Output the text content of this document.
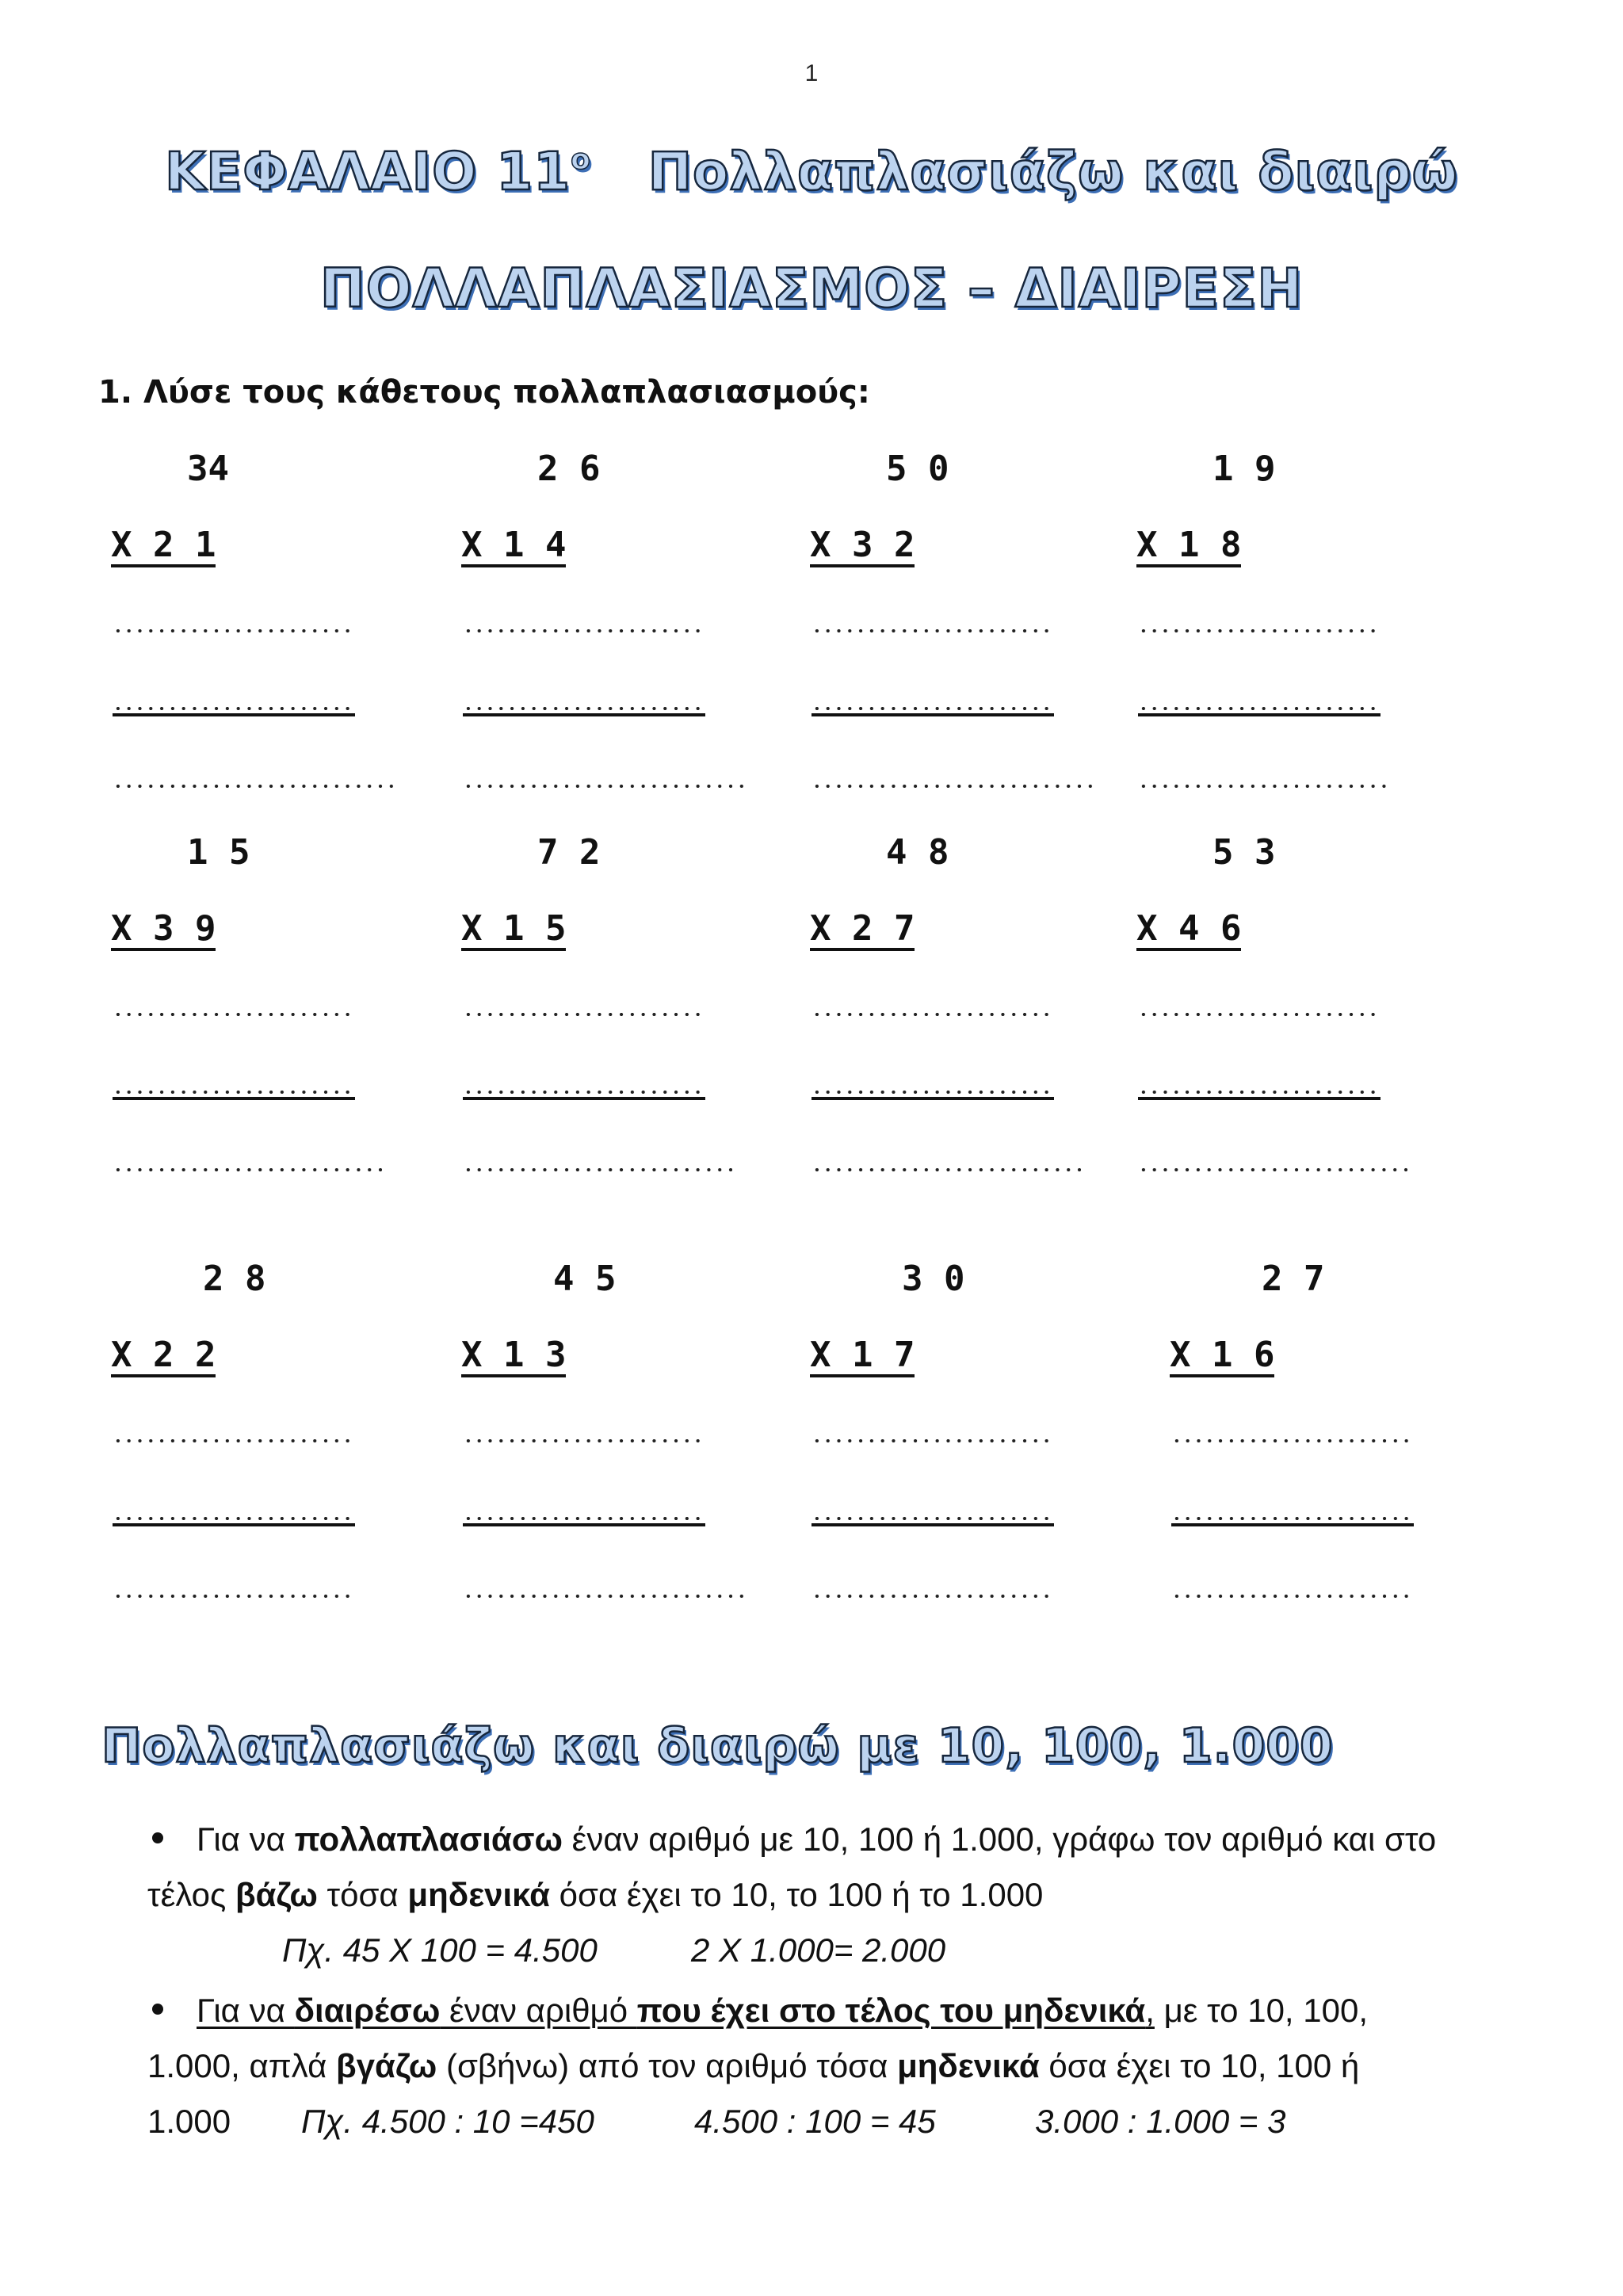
1
ΚΕΦΑΛΑΙΟ $11^o$ Πολλαπλασιάζω και διαιρώ
ΠΟΛΛΑΠΛΑΣΙΑΣΜΟΣ – ΔΙΑΙΡΕΣΗ
1. Λύσε τους κάθετους πολλαπλασιασμούς:
34
X 2 1
2 6
X 1 4
5 0
X 3 2
1 9
X 1 8
1 5
X 3 9
7 2
X 1 5
4 8
X 2 7
5 3
X 4 6
2 8
X 2 2
4 5
X 1 3
3 0
X 1 7
2 7
X 1 6
Πολλαπλασιάζω και διαιρώ με 10, 100, 1.000
Για να πολλαπλασιάσω έναν αριθμό με 10, 100 ή 1.000, γράφω τον αριθμό και στο
τέλος βάζω τόσα μηδενικά όσα έχει το 10, το 100 ή το 1.000
Πχ. 45 X 100 = 4.500	2 X 1.000= 2.000
Για να διαιρέσω έναν αριθμό που έχει στο τέλος του μηδενικά, με το 10, 100,
1.000, απλά βγάζω (σβήνω) από τον αριθμό τόσα μηδενικά όσα έχει το 10, 100 ή
1.000 Πχ. 4.500 : 10 =450	4.500 : 100 = 45	3.000 : 1.000 = 3
